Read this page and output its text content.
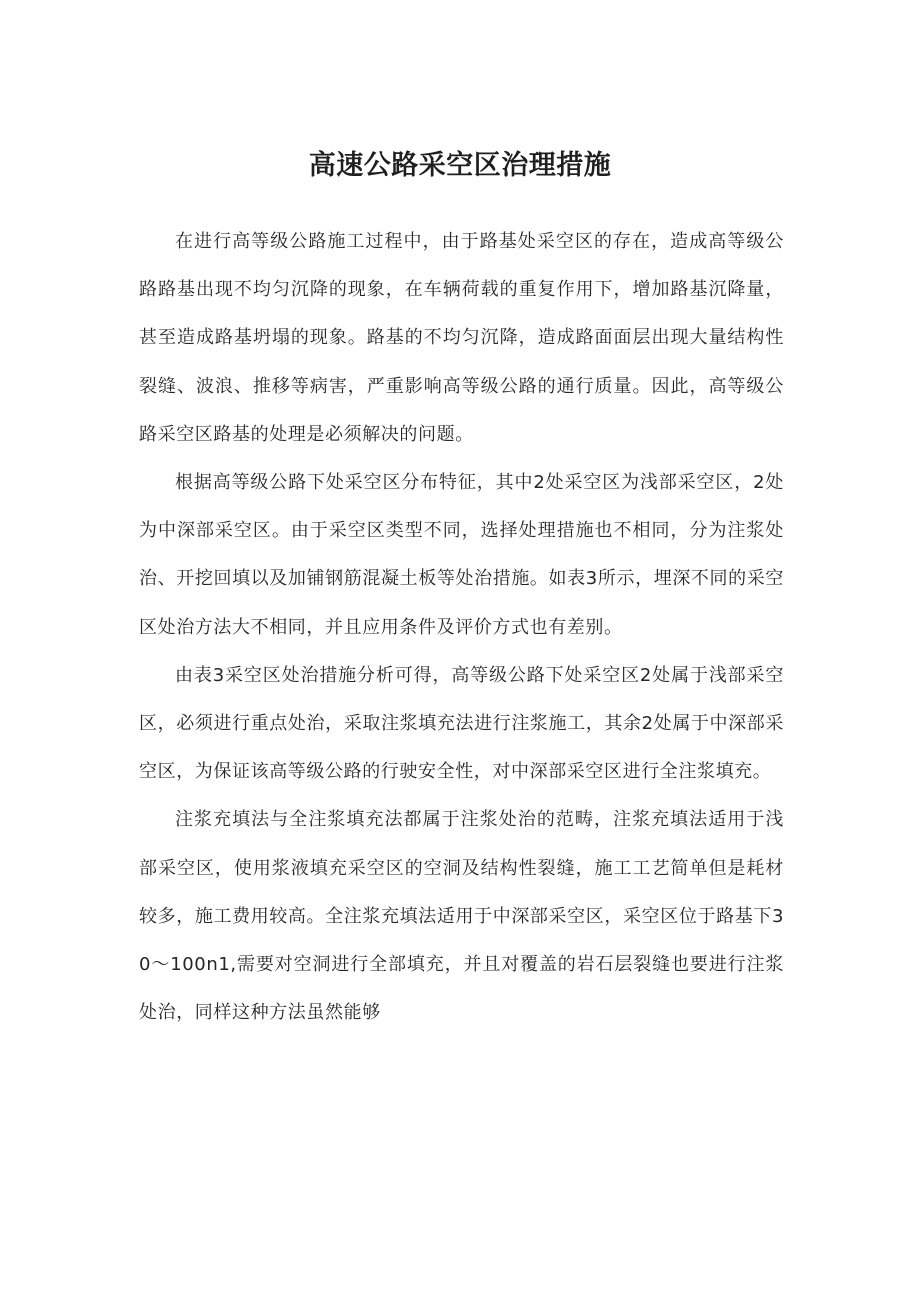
高速公路采空区治理措施

在进行高等级公路施工过程中，由于路基处采空区的存在，造成高等级公路路基出现不均匀沉降的现象，在车辆荷载的重复作用下，增加路基沉降量，甚至造成路基坍塌的现象。路基的不均匀沉降，造成路面面层出现大量结构性裂缝、波浪、推移等病害，严重影响高等级公路的通行质量。因此，高等级公路采空区路基的处理是必须解决的问题。

根据高等级公路下处采空区分布特征，其中2处采空区为浅部采空区，2处为中深部采空区。由于采空区类型不同，选择处理措施也不相同，分为注浆处治、开挖回填以及加铺钢筋混凝土板等处治措施。如表3所示，埋深不同的采空区处治方法大不相同，并且应用条件及评价方式也有差别。

由表3采空区处治措施分析可得，高等级公路下处采空区2处属于浅部采空区，必须进行重点处治，采取注浆填充法进行注浆施工，其余2处属于中深部采空区，为保证该高等级公路的行驶安全性，对中深部采空区进行全注浆填充。

注浆充填法与全注浆填充法都属于注浆处治的范畴，注浆充填法适用于浅部采空区，使用浆液填充采空区的空洞及结构性裂缝，施工工艺简单但是耗材较多，施工费用较高。全注浆充填法适用于中深部采空区，采空区位于路基下30〜100n1,需要对空洞进行全部填充，并且对覆盖的岩石层裂缝也要进行注浆处治，同样这种方法虽然能够
